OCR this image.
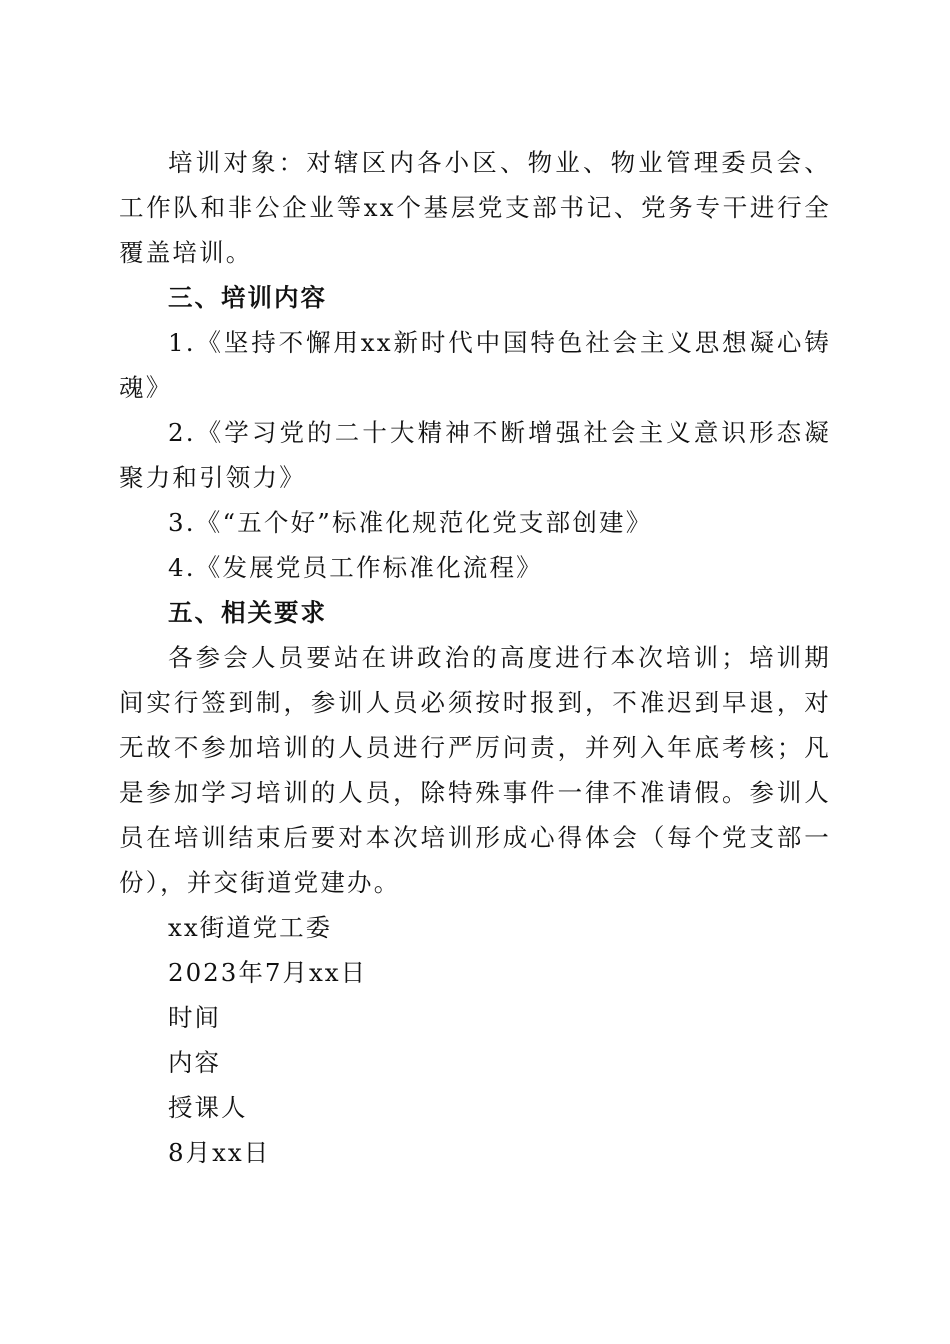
培训对象：对辖区内各小区、物业、物业管理委员会、工作队和非公企业等xx个基层党支部书记、党务专干进行全覆盖培训。

三、培训内容

1.《坚持不懈用xx新时代中国特色社会主义思想凝心铸魂》

2.《学习党的二十大精神不断增强社会主义意识形态凝聚力和引领力》

3.《“五个好”标准化规范化党支部创建》

4.《发展党员工作标准化流程》

五、相关要求

各参会人员要站在讲政治的高度进行本次培训；培训期间实行签到制，参训人员必须按时报到，不准迟到早退，对无故不参加培训的人员进行严厉问责，并列入年底考核；凡是参加学习培训的人员，除特殊事件一律不准请假。参训人员在培训结束后要对本次培训形成心得体会（每个党支部一份），并交街道党建办。

xx街道党工委

2023年7月xx日

时间

内容

授课人

8月xx日
